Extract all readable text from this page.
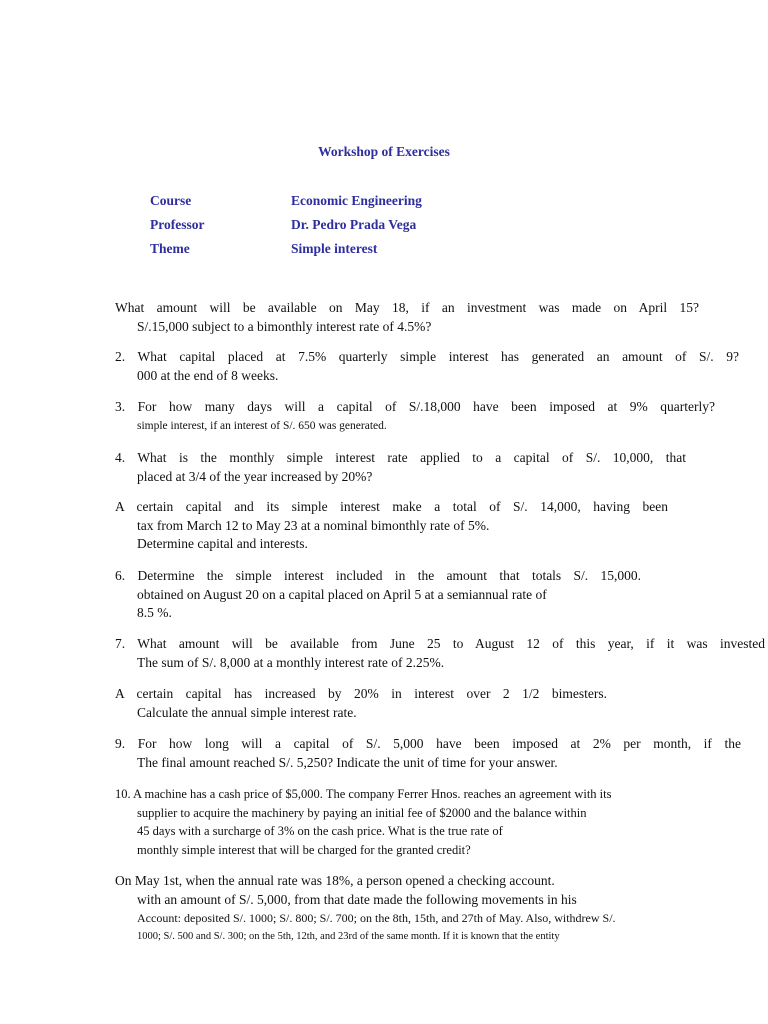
Workshop of Exercises
Course	Economic Engineering
Professor	Dr. Pedro Prada Vega
Theme	Simple interest
What amount will be available on May 18, if an investment was made on April 15?
S/.15,000 subject to a bimonthly interest rate of 4.5%?
2. What capital placed at 7.5% quarterly simple interest has generated an amount of S/. 9?
000 at the end of 8 weeks.
3. For how many days will a capital of S/.18,000 have been imposed at 9% quarterly?
simple interest, if an interest of S/. 650 was generated.
4. What is the monthly simple interest rate applied to a capital of S/. 10,000, that
placed at 3/4 of the year increased by 20%?
A certain capital and its simple interest make a total of S/. 14,000, having been
tax from March 12 to May 23 at a nominal bimonthly rate of 5%.
Determine capital and interests.
6. Determine the simple interest included in the amount that totals S/. 15,000.
obtained on August 20 on a capital placed on April 5 at a semiannual rate of
8.5 %.
7. What amount will be available from June 25 to August 12 of this year, if it was invested
The sum of S/. 8,000 at a monthly interest rate of 2.25%.
A certain capital has increased by 20% in interest over 2 1/2 bimesters.
Calculate the annual simple interest rate.
9. For how long will a capital of S/. 5,000 have been imposed at 2% per month, if the
The final amount reached S/. 5,250? Indicate the unit of time for your answer.
10. A machine has a cash price of $5,000. The company Ferrer Hnos. reaches an agreement with its
supplier to acquire the machinery by paying an initial fee of $2000 and the balance within
45 days with a surcharge of 3% on the cash price. What is the true rate of
monthly simple interest that will be charged for the granted credit?
On May 1st, when the annual rate was 18%, a person opened a checking account.
with an amount of S/. 5,000, from that date made the following movements in his
Account: deposited S/. 1000; S/. 800; S/. 700; on the 8th, 15th, and 27th of May. Also, withdrew S/.
1000; S/. 500 and S/. 300; on the 5th, 12th, and 23rd of the same month. If it is known that the entity
